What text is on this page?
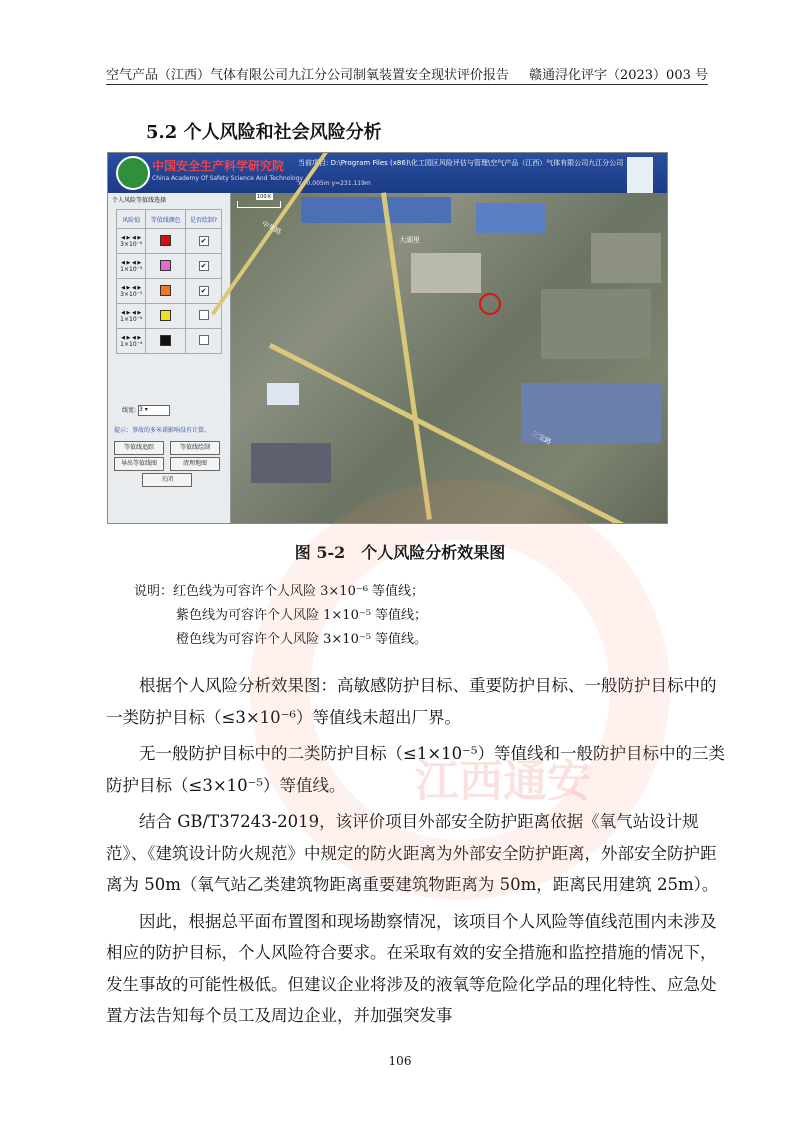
空气产品（江西）气体有限公司九江分公司制氧装置安全现状评价报告 赣通浔化评字（2023）003 号
5.2 个人风险和社会风险分析
中国安全生产科学研究院
China Academy Of Safety Science And Technology
当前项目: D:\Program Files (x86)\化工园区风险评估与管理\空气产品（江西）气体有限公司九江分公司
x=0.005m y=231.119m
个人风险等值线选择
风险值	等值线颜色	是否绘制?

◀ ▶ ◀ ▶
3×10⁻⁶		✔

◀ ▶ ◀ ▶
1×10⁻⁵		✔

◀ ▶ ◀ ▶
3×10⁻⁵		✔

◀ ▶ ◀ ▶
1×10⁻⁶		

◀ ▶ ◀ ▶
1×10⁻⁴		
线宽: 3 ▾
提示：事故的多米诺影响没有计算。
等值线追踪	等值线绘制
导出等值线图	清理地图
关闭
100米
大湖里
三宝路
中华路
图 5-2　个人风险分析效果图
说明：红色线为可容许个人风险 3×10⁻⁶ 等值线；
紫色线为可容许个人风险 1×10⁻⁵ 等值线；
橙色线为可容许个人风险 3×10⁻⁵ 等值线。

根据个人风险分析效果图：高敏感防护目标、重要防护目标、一般防护目标中的一类防护目标（≤3×10⁻⁶）等值线未超出厂界。

无一般防护目标中的二类防护目标（≤1×10⁻⁵）等值线和一般防护目标中的三类防护目标（≤3×10⁻⁵）等值线。

结合 GB/T37243-2019，该评价项目外部安全防护距离依据《氧气站设计规范》、《建筑设计防火规范》中规定的防火距离为外部安全防护距离，外部安全防护距离为 50m（氧气站乙类建筑物距离重要建筑物距离为 50m，距离民用建筑 25m）。

因此，根据总平面布置图和现场勘察情况，该项目个人风险等值线范围内未涉及相应的防护目标，个人风险符合要求。在采取有效的安全措施和监控措施的情况下，发生事故的可能性极低。但建议企业将涉及的液氧等危险化学品的理化特性、应急处置方法告知每个员工及周边企业，并加强突发事

106
江西通安
